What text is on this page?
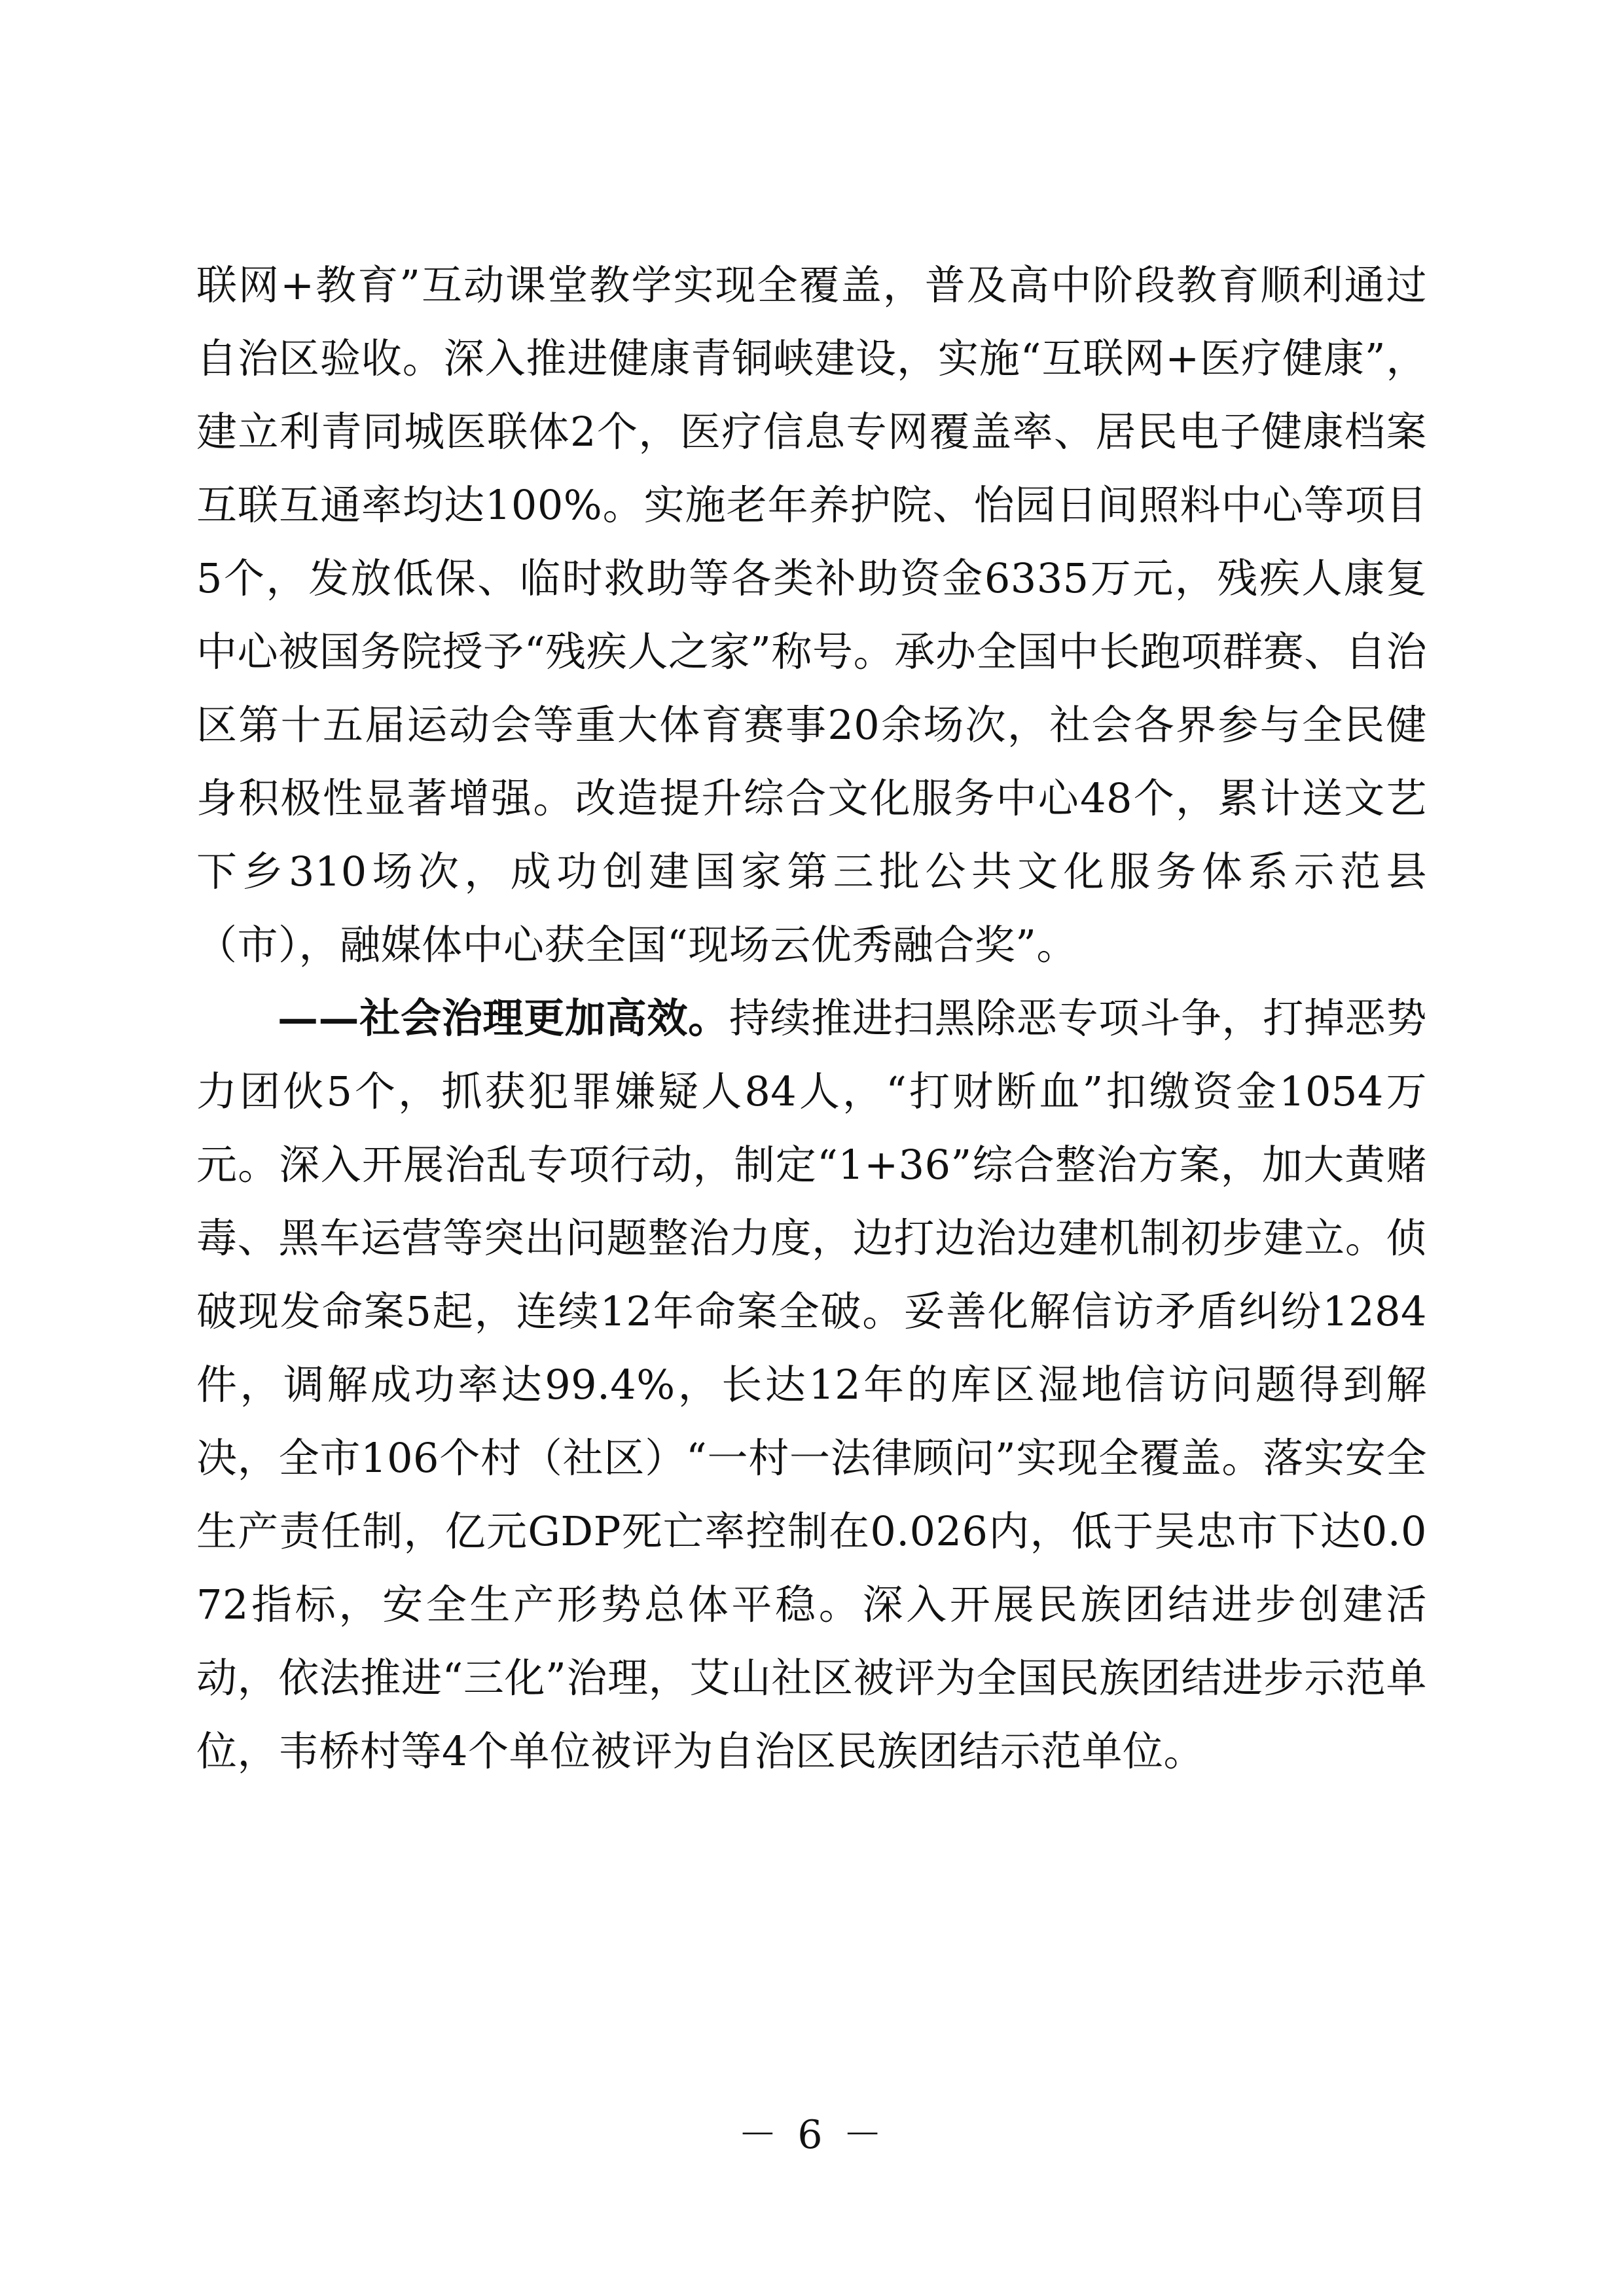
联网+教育”互动课堂教学实现全覆盖，普及高中阶段教育顺利通过自治区验收。深入推进健康青铜峡建设，实施“互联网+医疗健康”，建立利青同城医联体2个，医疗信息专网覆盖率、居民电子健康档案互联互通率均达100%。实施老年养护院、怡园日间照料中心等项目5个，发放低保、临时救助等各类补助资金6335万元，残疾人康复中心被国务院授予“残疾人之家”称号。承办全国中长跑项群赛、自治区第十五届运动会等重大体育赛事20余场次，社会各界参与全民健身积极性显著增强。改造提升综合文化服务中心48个，累计送文艺下乡310场次，成功创建国家第三批公共文化服务体系示范县（市），融媒体中心获全国“现场云优秀融合奖”。

——社会治理更加高效。持续推进扫黑除恶专项斗争，打掉恶势力团伙5个，抓获犯罪嫌疑人84人，“打财断血”扣缴资金1054万元。深入开展治乱专项行动，制定“1+36”综合整治方案，加大黄赌毒、黑车运营等突出问题整治力度，边打边治边建机制初步建立。侦破现发命案5起，连续12年命案全破。妥善化解信访矛盾纠纷1284件，调解成功率达99.4%，长达12年的库区湿地信访问题得到解决，全市106个村（社区）“一村一法律顾问”实现全覆盖。落实安全生产责任制，亿元GDP死亡率控制在0.026内，低于吴忠市下达0.072指标，安全生产形势总体平稳。深入开展民族团结进步创建活动，依法推进“三化”治理，艾山社区被评为全国民族团结进步示范单位，韦桥村等4个单位被评为自治区民族团结示范单位。

－ 6 －
